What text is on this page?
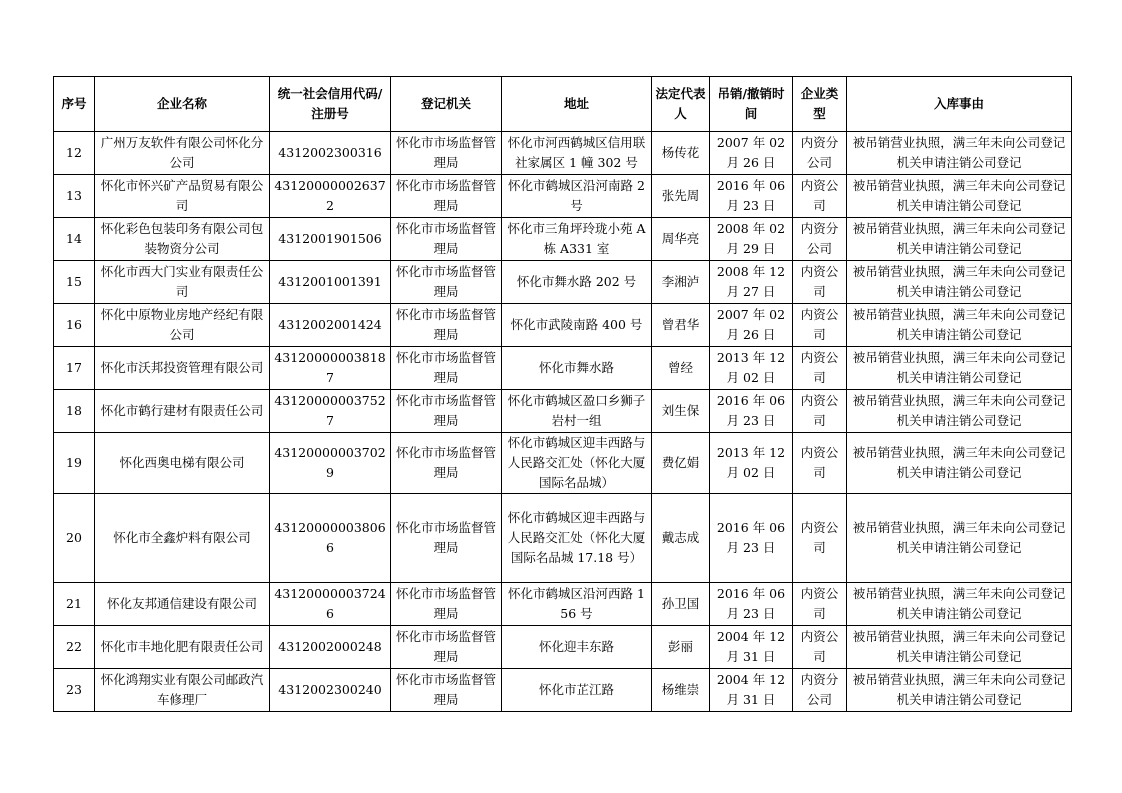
序号	企业名称	统一社会信用代码/注册号	登记机关	地址	法定代表人	吊销/撤销时间	企业类型	入库事由
12	广州万友软件有限公司怀化分公司	4312002300316	怀化市市场监督管理局	怀化市河西鹤城区信用联社家属区 1 幢 302 号	杨传花	2007 年 02 月 26 日	内资分公司	被吊销营业执照，满三年未向公司登记机关申请注销公司登记
13	怀化市怀兴矿产品贸易有限公司	431200000026372	怀化市市场监督管理局	怀化市鹤城区沿河南路 2 号	张先周	2016 年 06 月 23 日	内资公司	被吊销营业执照，满三年未向公司登记机关申请注销公司登记
14	怀化彩色包装印务有限公司包装物资分公司	4312001901506	怀化市市场监督管理局	怀化市三角坪玲珑小苑 A 栋 A331 室	周华亮	2008 年 02 月 29 日	内资分公司	被吊销营业执照，满三年未向公司登记机关申请注销公司登记
15	怀化市西大门实业有限责任公司	4312001001391	怀化市市场监督管理局	怀化市舞水路 202 号	李湘泸	2008 年 12 月 27 日	内资公司	被吊销营业执照，满三年未向公司登记机关申请注销公司登记
16	怀化中原物业房地产经纪有限公司	4312002001424	怀化市市场监督管理局	怀化市武陵南路 400 号	曾君华	2007 年 02 月 26 日	内资公司	被吊销营业执照，满三年未向公司登记机关申请注销公司登记
17	怀化市沃邦投资管理有限公司	431200000038187	怀化市市场监督管理局	怀化市舞水路	曾经	2013 年 12 月 02 日	内资公司	被吊销营业执照，满三年未向公司登记机关申请注销公司登记
18	怀化市鹤行建材有限责任公司	431200000037527	怀化市市场监督管理局	怀化市鹤城区盈口乡狮子岩村一组	刘生保	2016 年 06 月 23 日	内资公司	被吊销营业执照，满三年未向公司登记机关申请注销公司登记
19	怀化西奥电梯有限公司	431200000037029	怀化市市场监督管理局	怀化市鹤城区迎丰西路与人民路交汇处（怀化大厦国际名品城）	费亿娟	2013 年 12 月 02 日	内资公司	被吊销营业执照，满三年未向公司登记机关申请注销公司登记
20	怀化市全鑫炉料有限公司	431200000038066	怀化市市场监督管理局	怀化市鹤城区迎丰西路与人民路交汇处（怀化大厦国际名品城 17.18 号）	戴志成	2016 年 06 月 23 日	内资公司	被吊销营业执照，满三年未向公司登记机关申请注销公司登记
21	怀化友邦通信建设有限公司	431200000037246	怀化市市场监督管理局	怀化市鹤城区沿河西路 156 号	孙卫国	2016 年 06 月 23 日	内资公司	被吊销营业执照，满三年未向公司登记机关申请注销公司登记
22	怀化市丰地化肥有限责任公司	4312002000248	怀化市市场监督管理局	怀化迎丰东路	彭丽	2004 年 12 月 31 日	内资公司	被吊销营业执照，满三年未向公司登记机关申请注销公司登记
23	怀化鸿翔实业有限公司邮政汽车修理厂	4312002300240	怀化市市场监督管理局	怀化市芷江路	杨维崇	2004 年 12 月 31 日	内资分公司	被吊销营业执照，满三年未向公司登记机关申请注销公司登记
